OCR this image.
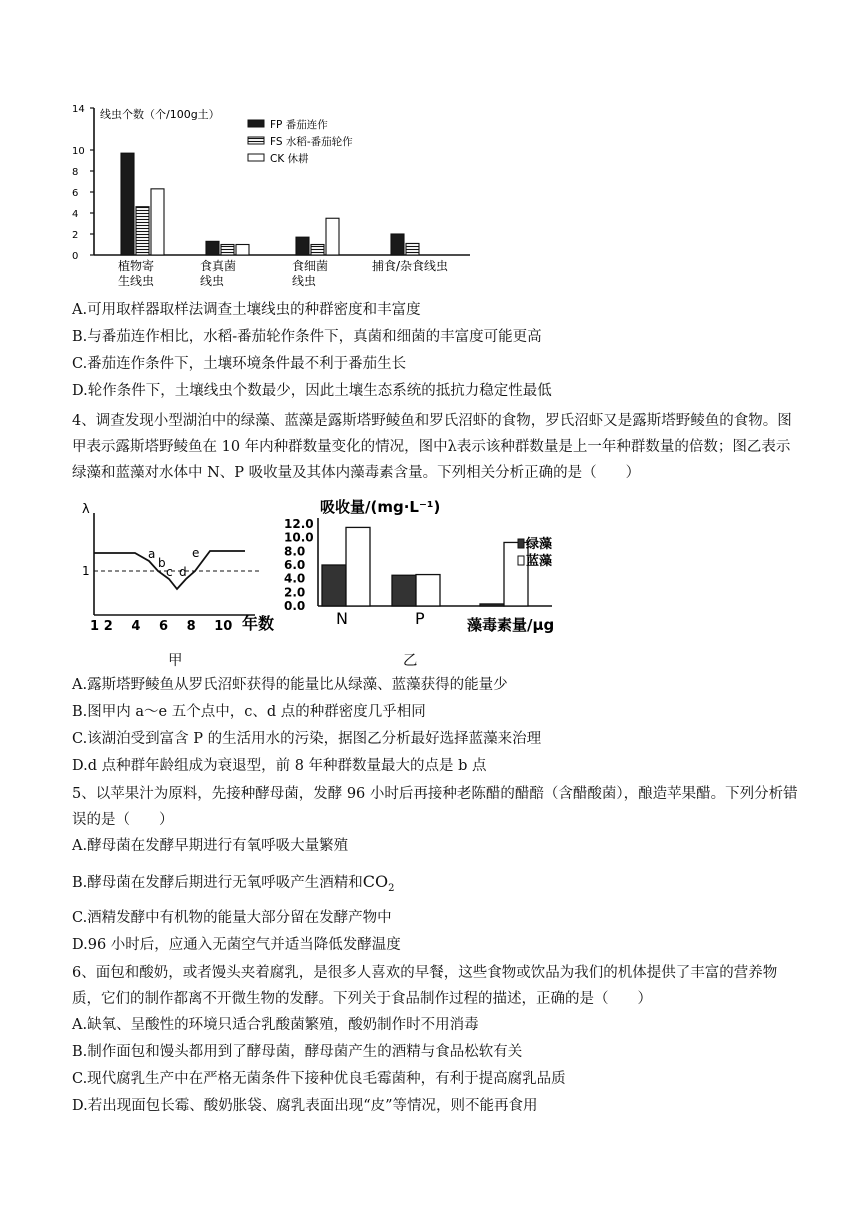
0
2
4
6
8
10
14 线虫个数（个/100g土）
FP 番茄连作
FS 水稻-番茄轮作
CK 休耕
植物寄
生线虫
食真菌
线虫
食细菌
线虫
捕食/杂食线虫
A.可用取样器取样法调查土壤线虫的种群密度和丰富度
B.与番茄连作相比，水稻-番茄轮作条件下，真菌和细菌的丰富度可能更高
C.番茄连作条件下，土壤环境条件最不利于番茄生长
D.轮作条件下，土壤线虫个数最少，因此土壤生态系统的抵抗力稳定性最低
4、调查发现小型湖泊中的绿藻、蓝藻是露斯塔野鲮鱼和罗氏沼虾的食物，罗氏沼虾又是露斯塔野鲮鱼的食物。图甲表示露斯塔野鲮鱼在 10 年内种群数量变化的情况，图中λ表示该种群数量是上一年种群数量的倍数；图乙表示绿藻和蓝藻对水体中 N、P 吸收量及其体内藻毒素含量。下列相关分析正确的是（　　）
λ
1
a
b
c d
e
1 2 4 6 8 10 年数
甲
吸收量/(mg·L⁻¹)
12.0
10.0
8.0
6.0
4.0
2.0
0.0
绿藻
蓝藻
N	P	藻毒素量/μg
乙
A.露斯塔野鲮鱼从罗氏沼虾获得的能量比从绿藻、蓝藻获得的能量少
B.图甲内 a～e 五个点中，c、d 点的种群密度几乎相同
C.该湖泊受到富含 P 的生活用水的污染，据图乙分析最好选择蓝藻来治理
D.d 点种群年龄组成为衰退型，前 8 年种群数量最大的点是 b 点
5、以苹果汁为原料，先接种酵母菌，发酵 96 小时后再接种老陈醋的醋醅（含醋酸菌），酿造苹果醋。下列分析错误的是（　　）
A.酵母菌在发酵早期进行有氧呼吸大量繁殖
B.酵母菌在发酵后期进行无氧呼吸产生酒精和$CO_2$
C.酒精发酵中有机物的能量大部分留在发酵产物中
D.96 小时后，应通入无菌空气并适当降低发酵温度
6、面包和酸奶，或者馒头夹着腐乳，是很多人喜欢的早餐，这些食物或饮品为我们的机体提供了丰富的营养物质，它们的制作都离不开微生物的发酵。下列关于食品制作过程的描述，正确的是（　　）
A.缺氧、呈酸性的环境只适合乳酸菌繁殖，酸奶制作时不用消毒
B.制作面包和馒头都用到了酵母菌，酵母菌产生的酒精与食品松软有关
C.现代腐乳生产中在严格无菌条件下接种优良毛霉菌种，有利于提高腐乳品质
D.若出现面包长霉、酸奶胀袋、腐乳表面出现“皮”等情况，则不能再食用
